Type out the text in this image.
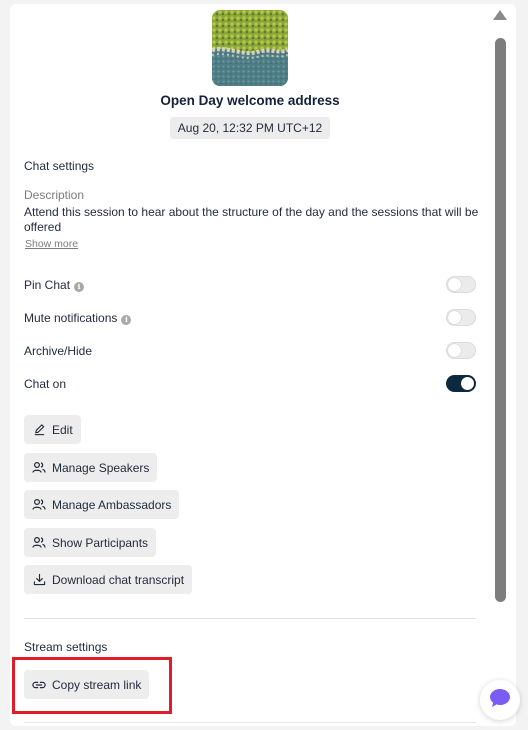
Open Day welcome address
Aug 20, 12:32 PM UTC+12
Chat settings
Description
Attend this session to hear about the structure of the day and the sessions that will be offered
Show more
Pin Chat i
Mute notifications i
Archive/Hide
Chat on
Edit
Manage Speakers
Manage Ambassadors
Show Participants
Download chat transcript
Stream settings
Copy stream link
